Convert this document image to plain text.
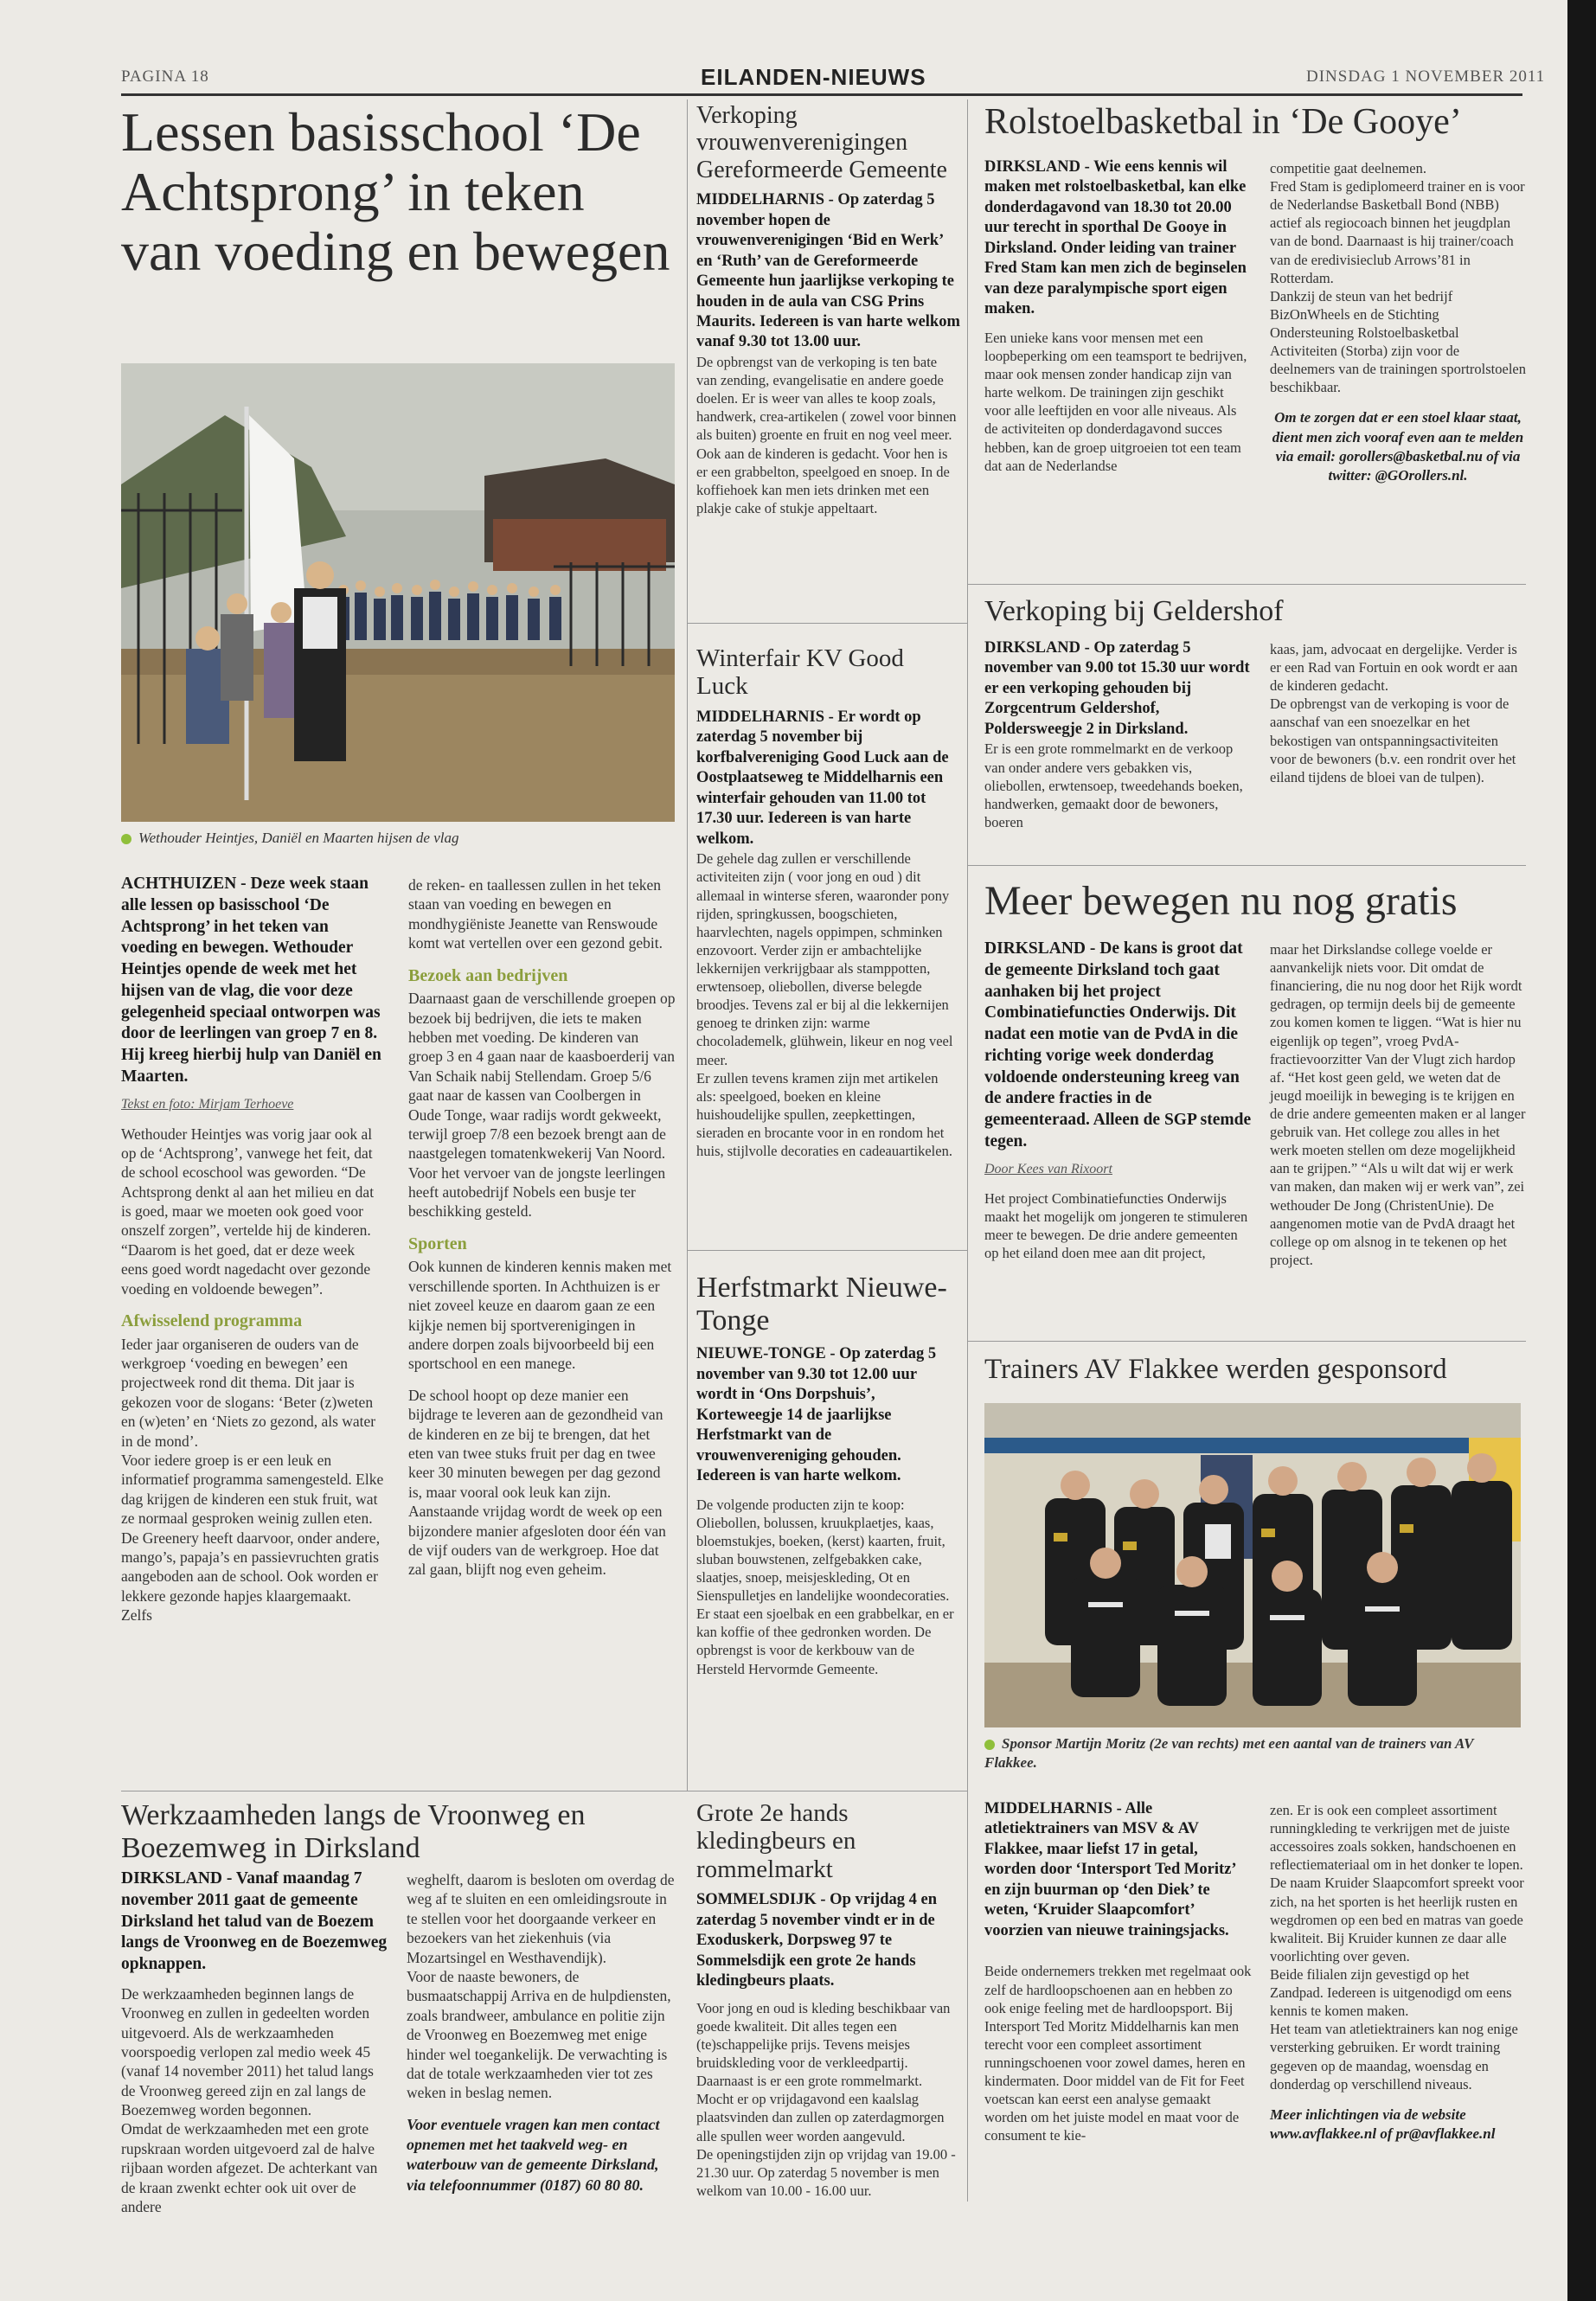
PAGINA 18	EILANDEN-NIEUWS	DINSDAG 1 NOVEMBER 2011
Lessen basisschool ‘De Achtsprong’ in teken van voeding en bewegen
Wethouder Heintjes, Daniël en Maarten hijsen de vlag
ACHTHUIZEN - Deze week staan alle lessen op basisschool ‘De Achtsprong’ in het teken van voeding en bewegen. Wethouder Heintjes opende de week met het hijsen van de vlag, die voor deze gelegenheid speciaal ontworpen was door de leerlingen van groep 7 en 8. Hij kreeg hierbij hulp van Daniël en Maarten.
Tekst en foto: Mirjam Terhoeve

Wethouder Heintjes was vorig jaar ook al op de ‘Achtsprong’, vanwege het feit, dat de school ecoschool was geworden. “De Achtsprong denkt al aan het milieu en dat is goed, maar we moeten ook goed voor onszelf zorgen”, vertelde hij de kinderen. “Daarom is het goed, dat er deze week eens goed wordt nagedacht over gezonde voeding en voldoende bewegen”.

Afwisselend programma

Ieder jaar organiseren de ouders van de werkgroep ‘voeding en bewegen’ een projectweek rond dit thema. Dit jaar is gekozen voor de slogans: ‘Beter (z)weten en (w)eten’ en ‘Niets zo gezond, als water in de mond’.

Voor iedere groep is er een leuk en informatief programma samengesteld. Elke dag krijgen de kinderen een stuk fruit, wat ze normaal gesproken weinig zullen eten. De Greenery heeft daarvoor, onder andere, mango’s, papaja’s en passievruchten gratis aangeboden aan de school. Ook worden er lekkere gezonde hapjes klaargemaakt. Zelfs

de reken- en taallessen zullen in het teken staan van voeding en bewegen en mondhygiëniste Jeanette van Renswoude komt wat vertellen over een gezond gebit.

Bezoek aan bedrijven

Daarnaast gaan de verschillende groepen op bezoek bij bedrijven, die iets te maken hebben met voeding. De kinderen van groep 3 en 4 gaan naar de kaasboerderij van Van Schaik nabij Stellendam. Groep 5/6 gaat naar de kassen van Coolbergen in Oude Tonge, waar radijs wordt gekweekt, terwijl groep 7/8 een bezoek brengt aan de naastgelegen tomatenkwekerij Van Noord. Voor het vervoer van de jongste leerlingen heeft autobedrijf Nobels een busje ter beschikking gesteld.

Sporten

Ook kunnen de kinderen kennis maken met verschillende sporten. In Achthuizen is er niet zoveel keuze en daarom gaan ze een kijkje nemen bij sportverenigingen in andere dorpen zoals bijvoorbeeld bij een sportschool en een manege.

De school hoopt op deze manier een bijdrage te leveren aan de gezondheid van de kinderen en ze bij te brengen, dat het eten van twee stuks fruit per dag en twee keer 30 minuten bewegen per dag gezond is, maar vooral ook leuk kan zijn. Aanstaande vrijdag wordt de week op een bijzondere manier afgesloten door één van de vijf ouders van de werkgroep. Hoe dat zal gaan, blijft nog even geheim.

Werkzaamheden langs de Vroonweg en Boezemweg in Dirksland
DIRKSLAND - Vanaf maandag 7 november 2011 gaat de gemeente Dirksland het talud van de Boezem langs de Vroonweg en de Boezemweg opknappen.

De werkzaamheden beginnen langs de Vroonweg en zullen in gedeelten worden uitgevoerd. Als de werkzaamheden voorspoedig verlopen zal medio week 45 (vanaf 14 november 2011) het talud langs de Vroonweg gereed zijn en zal langs de Boezemweg worden begonnen.

Omdat de werkzaamheden met een grote rupskraan worden uitgevoerd zal de halve rijbaan worden afgezet. De achterkant van de kraan zwenkt echter ook uit over de andere

weghelft, daarom is besloten om overdag de weg af te sluiten en een omleidingsroute in te stellen voor het doorgaande verkeer en bezoekers van het ziekenhuis (via Mozartsingel en Westhavendijk).

Voor de naaste bewoners, de busmaatschappij Arriva en de hulpdiensten, zoals brandweer, ambulance en politie zijn de Vroonweg en Boezemweg met enige hinder wel toegankelijk. De verwachting is dat de totale werkzaamheden vier tot zes weken in beslag nemen.

Voor eventuele vragen kan men contact opnemen met het taakveld weg- en waterbouw van de gemeente Dirksland, via telefoonnummer (0187) 60 80 80.
Verkoping vrouwenverenigingen Gereformeerde Gemeente
MIDDELHARNIS - Op zaterdag 5 november hopen de vrouwenverenigingen ‘Bid en Werk’ en ‘Ruth’ van de Gereformeerde Gemeente hun jaarlijkse verkoping te houden in de aula van CSG Prins Maurits. Iedereen is van harte welkom vanaf 9.30 tot 13.00 uur.

De opbrengst van de verkoping is ten bate van zending, evangelisatie en andere goede doelen. Er is weer van alles te koop zoals, handwerk, crea-artikelen ( zowel voor binnen als buiten) groente en fruit en nog veel meer. Ook aan de kinderen is gedacht. Voor hen is er een grabbelton, speelgoed en snoep. In de koffiehoek kan men iets drinken met een plakje cake of stukje appeltaart.

Winterfair KV Good Luck
MIDDELHARNIS - Er wordt op zaterdag 5 november bij korfbalvereniging Good Luck aan de Oostplaatseweg te Middelharnis een winterfair gehouden van 11.00 tot 17.30 uur. Iedereen is van harte welkom.

De gehele dag zullen er verschillende activiteiten zijn ( voor jong en oud ) dit allemaal in winterse sferen, waaronder pony rijden, springkussen, boogschieten, haarvlechten, nagels oppimpen, schminken enzovoort. Verder zijn er ambachtelijke lekkernijen verkrijgbaar als stamppotten, erwtensoep, oliebollen, diverse belegde broodjes. Tevens zal er bij al die lekkernijen genoeg te drinken zijn: warme chocolademelk, glühwein, likeur en nog veel meer.

Er zullen tevens kramen zijn met artikelen als: speelgoed, boeken en kleine huishoudelijke spullen, zeepkettingen, sieraden en brocante voor in en rondom het huis, stijlvolle decoraties en cadeauartikelen.

Herfstmarkt Nieuwe-Tonge
NIEUWE-TONGE - Op zaterdag 5 november van 9.30 tot 12.00 uur wordt in ‘Ons Dorpshuis’, Korteweegje 14 de jaarlijkse Herfstmarkt van de vrouwenvereniging gehouden. Iedereen is van harte welkom.

De volgende producten zijn te koop: Oliebollen, bolussen, kruukplaetjes, kaas, bloemstukjes, boeken, (kerst) kaarten, fruit, sluban bouwstenen, zelfgebakken cake, slaatjes, snoep, meisjeskleding, Ot en Sienspulletjes en landelijke woondecoraties. Er staat een sjoelbak en een grabbelkar, en er kan koffie of thee gedronken worden. De opbrengst is voor de kerkbouw van de Hersteld Hervormde Gemeente.

Grote 2e hands kledingbeurs en rommelmarkt
SOMMELSDIJK - Op vrijdag 4 en zaterdag 5 november vindt er in de Exoduskerk, Dorpsweg 97 te Sommelsdijk een grote 2e hands kledingbeurs plaats.

Voor jong en oud is kleding beschikbaar van goede kwaliteit. Dit alles tegen een (te)schappelijke prijs. Tevens meisjes bruidskleding voor de verkleedpartij.

Daarnaast is er een grote rommelmarkt. Mocht er op vrijdagavond een kaalslag plaatsvinden dan zullen op zaterdagmorgen alle spullen weer worden aangevuld.

De openingstijden zijn op vrijdag van 19.00 - 21.30 uur. Op zaterdag 5 november is men welkom van 10.00 - 16.00 uur.

Rolstoelbasketbal in ‘De Gooye’
DIRKSLAND - Wie eens kennis wil maken met rolstoelbasketbal, kan elke donderdagavond van 18.30 tot 20.00 uur terecht in sporthal De Gooye in Dirksland. Onder leiding van trainer Fred Stam kan men zich de beginselen van deze paralympische sport eigen maken.

Een unieke kans voor mensen met een loopbeperking om een teamsport te bedrijven, maar ook mensen zonder handicap zijn van harte welkom. De trainingen zijn geschikt voor alle leeftijden en voor alle niveaus. Als de activiteiten op donderdagavond succes hebben, kan de groep uitgroeien tot een team dat aan de Nederlandse

competitie gaat deelnemen.

Fred Stam is gediplomeerd trainer en is voor de Nederlandse Basketball Bond (NBB) actief als regiocoach binnen het jeugdplan van de bond. Daarnaast is hij trainer/coach van de eredivisieclub Arrows’81 in Rotterdam.

Dankzij de steun van het bedrijf BizOnWheels en de Stichting Ondersteuning Rolstoelbasketbal Activiteiten (Storba) zijn voor de deelnemers van de trainingen sportrolstoelen beschikbaar.

Om te zorgen dat er een stoel klaar staat, dient men zich vooraf even aan te melden via email: gorollers@basketbal.nu of via twitter: @GOrollers.nl.
Verkoping bij Geldershof
DIRKSLAND - Op zaterdag 5 november van 9.00 tot 15.30 uur wordt er een verkoping gehouden bij Zorgcentrum Geldershof, Poldersweegje 2 in Dirksland.

Er is een grote rommelmarkt en de verkoop van onder andere vers gebakken vis, oliebollen, erwtensoep, tweedehands boeken, handwerken, gemaakt door de bewoners, boeren

kaas, jam, advocaat en dergelijke. Verder is er een Rad van Fortuin en ook wordt er aan de kinderen gedacht.

De opbrengst van de verkoping is voor de aanschaf van een snoezelkar en het bekostigen van ontspanningsactiviteiten voor de bewoners (b.v. een rondrit over het eiland tijdens de bloei van de tulpen).

Meer bewegen nu nog gratis
DIRKSLAND - De kans is groot dat de gemeente Dirksland toch gaat aanhaken bij het project Combinatiefuncties Onderwijs. Dit nadat een motie van de PvdA in die richting vorige week donderdag voldoende ondersteuning kreeg van de andere fracties in de gemeenteraad. Alleen de SGP stemde tegen.
Door Kees van Rixoort

Het project Combinatiefuncties Onderwijs maakt het mogelijk om jongeren te stimuleren meer te bewegen. De drie andere gemeenten op het eiland doen mee aan dit project,

maar het Dirkslandse college voelde er aanvankelijk niets voor. Dit omdat de financiering, die nu nog door het Rijk wordt gedragen, op termijn deels bij de gemeente zou komen komen te liggen. “Wat is hier nu eigenlijk op tegen”, vroeg PvdA-fractievoorzitter Van der Vlugt zich hardop af. “Het kost geen geld, we weten dat de jeugd moeilijk in beweging is te krijgen en de drie andere gemeenten maken er al langer gebruik van. Het college zou alles in het werk moeten stellen om deze mogelijkheid aan te grijpen.” “Als u wilt dat wij er werk van maken, dan maken wij er werk van”, zei wethouder De Jong (ChristenUnie). De aangenomen motie van de PvdA draagt het college op om alsnog in te tekenen op het project.

Trainers AV Flakkee werden gesponsord
Sponsor Martijn Moritz (2e van rechts) met een aantal van de trainers van AV Flakkee.
MIDDELHARNIS - Alle atletiektrainers van MSV & AV Flakkee, maar liefst 17 in getal, worden door ‘Intersport Ted Moritz’ en zijn buurman op ‘den Diek’ te weten, ‘Kruider Slaapcomfort’ voorzien van nieuwe trainingsjacks.

Beide ondernemers trekken met regelmaat ook zelf de hardloopschoenen aan en hebben zo ook enige feeling met de hardloopsport. Bij Intersport Ted Moritz Middelharnis kan men terecht voor een compleet assortiment runningschoenen voor zowel dames, heren en kindermaten. Door middel van de Fit for Feet voetscan kan eerst een analyse gemaakt worden om het juiste model en maat voor de consument te kie-

zen. Er is ook een compleet assortiment runningkleding te verkrijgen met de juiste accessoires zoals sokken, handschoenen en reflectiemateriaal om in het donker te lopen.

De naam Kruider Slaapcomfort spreekt voor zich, na het sporten is het heerlijk rusten en wegdromen op een bed en matras van goede kwaliteit. Bij Kruider kunnen ze daar alle voorlichting over geven.

Beide filialen zijn gevestigd op het Zandpad. Iedereen is uitgenodigd om eens kennis te komen maken.

Het team van atletiektrainers kan nog enige versterking gebruiken. Er wordt training gegeven op de maandag, woensdag en donderdag op verschillend niveaus.

Meer inlichtingen via de website www.avflakkee.nl of pr@avflakkee.nl
